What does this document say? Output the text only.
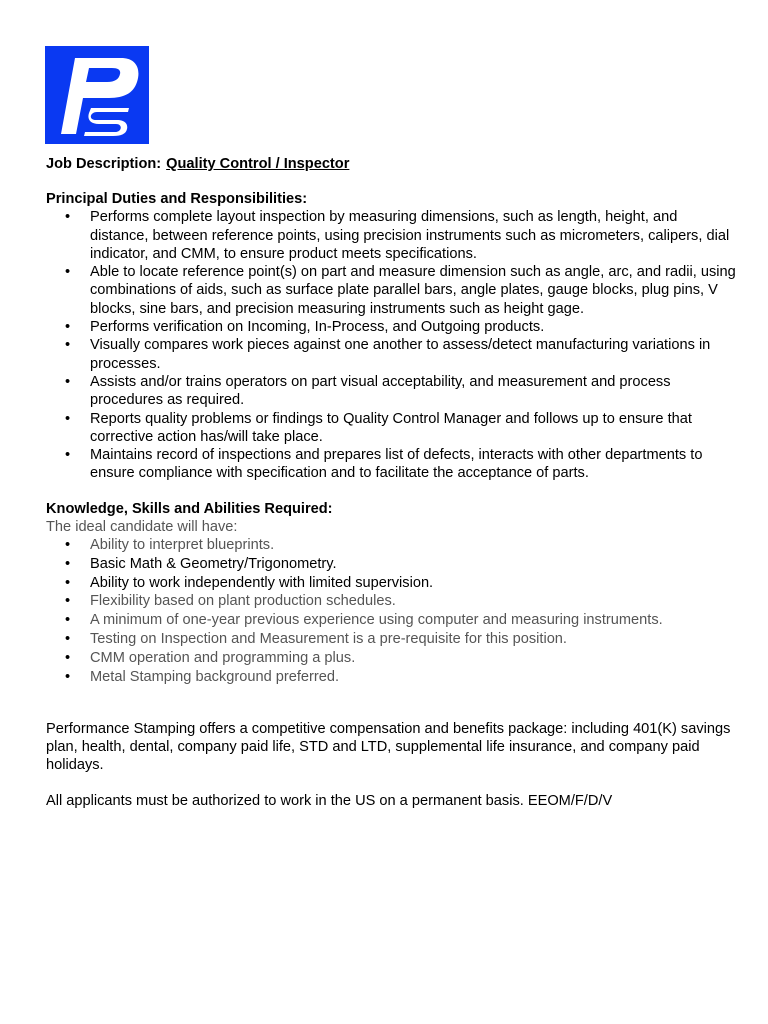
Job Description: Quality Control / Inspector

Principal Duties and Responsibilities:
• Performs complete layout inspection by measuring dimensions, such as length, height, and distance, between reference points, using precision instruments such as micrometers, calipers, dial indicator, and CMM, to ensure product meets specifications.
• Able to locate reference point(s) on part and measure dimension such as angle, arc, and radii, using combinations of aids, such as surface plate parallel bars, angle plates, gauge blocks, plug pins, V blocks, sine bars, and precision measuring instruments such as height gage.
• Performs verification on Incoming, In-Process, and Outgoing products.
• Visually compares work pieces against one another to assess/detect manufacturing variations in processes.
• Assists and/or trains operators on part visual acceptability, and measurement and process procedures as required.
• Reports quality problems or findings to Quality Control Manager and follows up to ensure that corrective action has/will take place.
• Maintains record of inspections and prepares list of defects, interacts with other departments to ensure compliance with specification and to facilitate the acceptance of parts.
Knowledge, Skills and Abilities Required:

The ideal candidate will have:

• Ability to interpret blueprints.
• Basic Math & Geometry/Trigonometry.
• Ability to work independently with limited supervision.
• Flexibility based on plant production schedules.
• A minimum of one-year previous experience using computer and measuring instruments.
• Testing on Inspection and Measurement is a pre-requisite for this position.
• CMM operation and programming a plus.
• Metal Stamping background preferred.

Performance Stamping offers a competitive compensation and benefits package: including 401(K) savings plan, health, dental, company paid life, STD and LTD, supplemental life insurance, and company paid holidays.

All applicants must be authorized to work in the US on a permanent basis. EEOM/F/D/V
